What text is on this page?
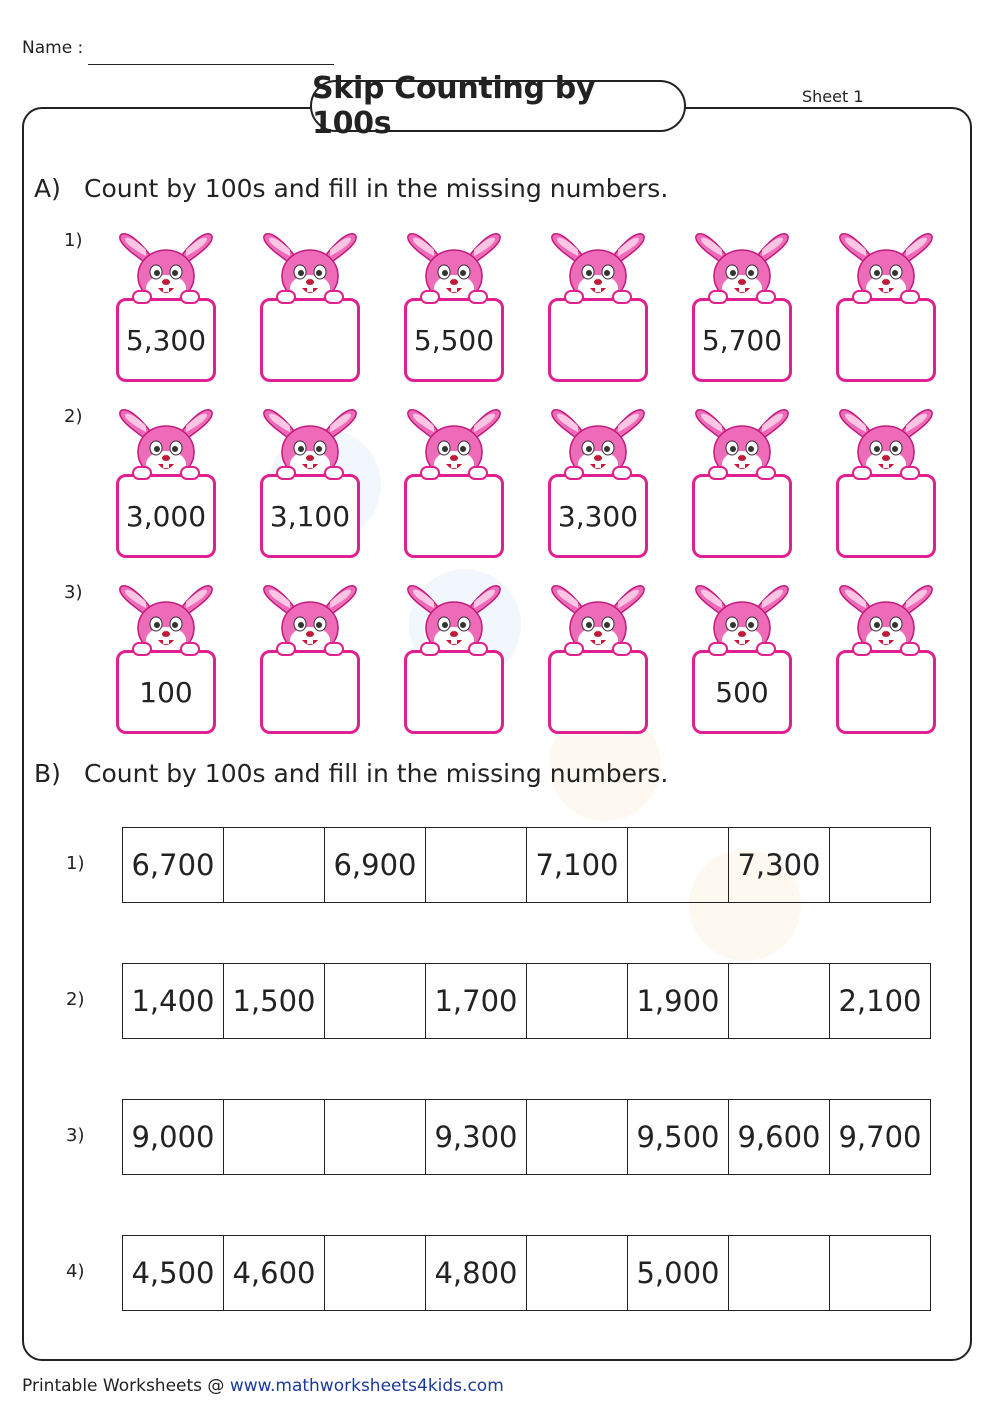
Name :
Skip Counting by 100s
Sheet 1
A) Count by 100s and fill in the missing numbers.
1)
5,300	5,500	5,700
2)
3,000	3,100	3,300
3)
100	500
B) Count by 100s and fill in the missing numbers.
1) 6,700		6,900		7,100		7,300	
2) 1,400	1,500		1,700		1,900		2,100
3) 9,000			9,300		9,500	9,600	9,700
4) 4,500	4,600		4,800		5,000		
Printable Worksheets @ www.mathworksheets4kids.com
